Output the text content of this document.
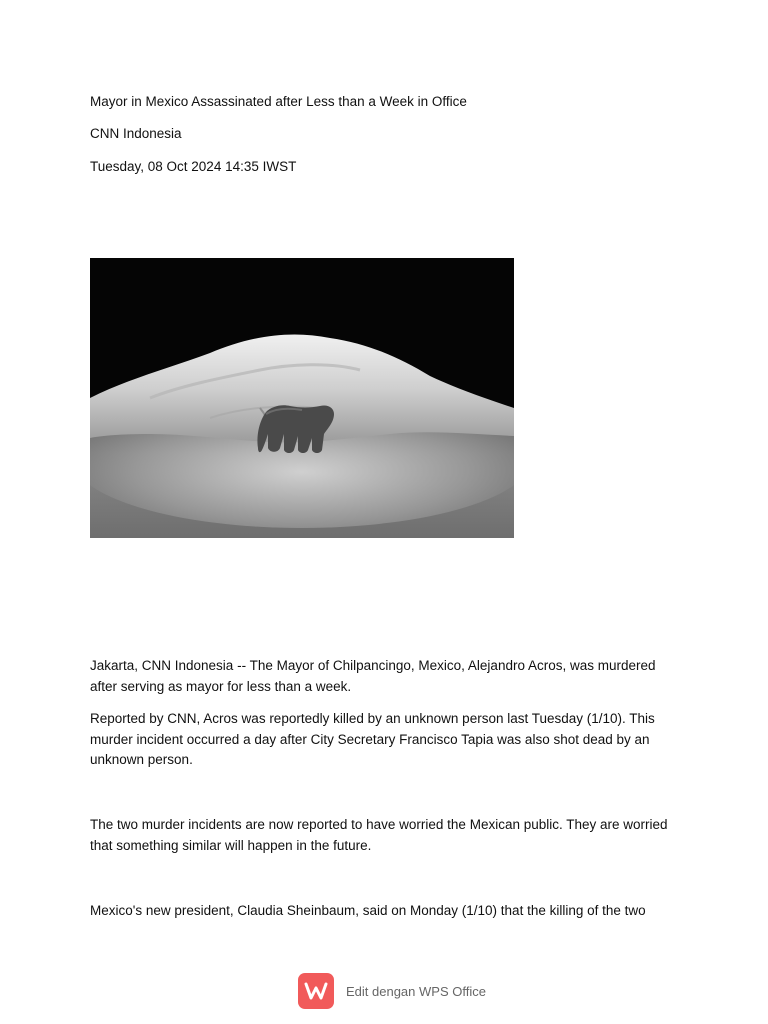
Mayor in Mexico Assassinated after Less than a Week in Office
CNN Indonesia
Tuesday, 08 Oct 2024 14:35 IWST
Jakarta, CNN Indonesia -- The Mayor of Chilpancingo, Mexico, Alejandro Acros, was murdered after serving as mayor for less than a week.
Reported by CNN, Acros was reportedly killed by an unknown person last Tuesday (1/10). This murder incident occurred a day after City Secretary Francisco Tapia was also shot dead by an unknown person.
The two murder incidents are now reported to have worried the Mexican public. They are worried that something similar will happen in the future.
Mexico's new president, Claudia Sheinbaum, said on Monday (1/10) that the killing of the two
Edit dengan WPS Office
